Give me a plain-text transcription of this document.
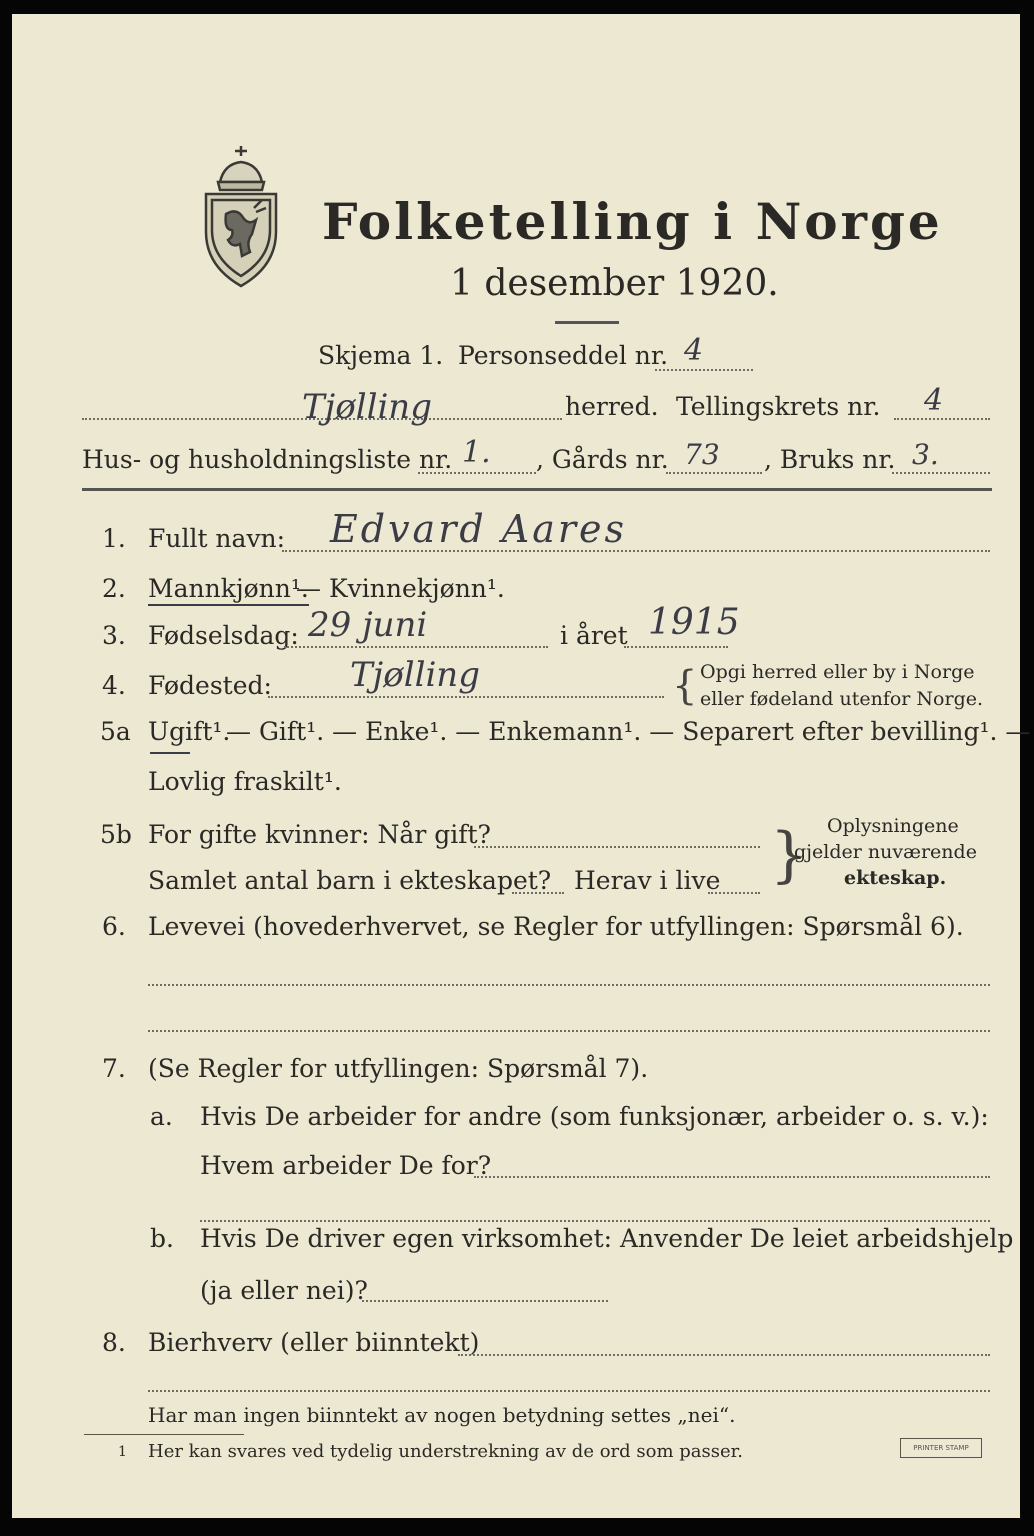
Folketelling i Norge
1 desember 1920.
Skjema 1. Personseddel nr. 4
Tjølling	herred. Tellingskrets nr. 4
Hus- og husholdningsliste nr. 1. , Gårds nr. 73 , Bruks nr. 3.
1. Fullt navn: Edvard Aares
2. Mannkjønn¹.
— Kvinnekjønn¹.
3. Fødselsdag: 29 juni	i året 1915
4. Fødested: Tjølling	{ Opgi herred eller by i Norge
eller fødeland utenfor Norge.
5a Ugift¹.
— Gift¹. — Enke¹. — Enkemann¹. — Separert efter bevilling¹. —
Lovlig fraskilt¹.
5b For gifte kvinner: Når gift?
Samlet antal barn i ekteskapet? Herav i live } Oplysningene
gjelder nuværende
ekteskap.
6. Levevei (hovederhvervet, se Regler for utfyllingen: Spørsmål 6).
7. (Se Regler for utfyllingen: Spørsmål 7).
a. Hvis De arbeider for andre (som funksjonær, arbeider o. s. v.):
Hvem arbeider De for?
b. Hvis De driver egen virksomhet: Anvender De leiet arbeidshjelp
(ja eller nei)?
8. Bierhverv (eller biinntekt)
Har man ingen biinntekt av nogen betydning settes „nei“.
1 Her kan svares ved tydelig understrekning av de ord som passer.	PRINTER STAMP
